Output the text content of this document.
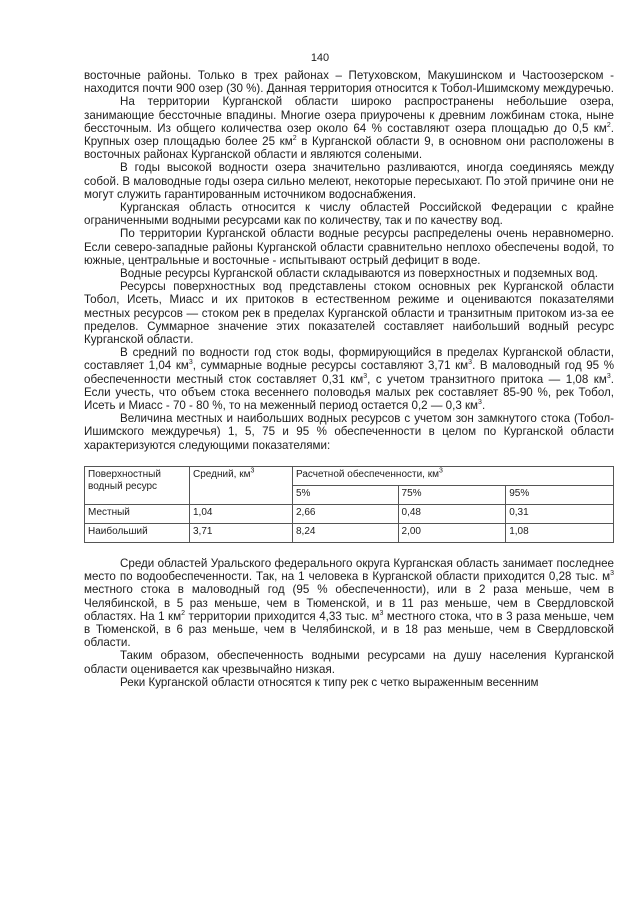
140

восточные районы. Только в трех районах – Петуховском, Макушинском и Частоозерском - находится почти 900 озер (30 %). Данная территория относится к Тобол-Ишимскому междуречью.

На территории Курганской области широко распространены небольшие озера, занимающие бессточные впадины. Многие озера приурочены к древним ложбинам стока, ныне бессточным. Из общего количества озер около 64 % составляют озера площадью до 0,5 $км^2$. Крупных озер площадью более 25 $км^2$ в Курганской области 9, в основном они расположены в восточных районах Курганской области и являются солеными.

В годы высокой водности озера значительно разливаются, иногда соединяясь между собой. В маловодные годы озера сильно мелеют, некоторые пересыхают. По этой причине они не могут служить гарантированным источником водоснабжения.

Курганская область относится к числу областей Российской Федерации с крайне ограниченными водными ресурсами как по количеству, так и по качеству вод.

По территории Курганской области водные ресурсы распределены очень неравномерно. Если северо-западные районы Курганской области сравнительно неплохо обеспечены водой, то южные, центральные и восточные - испытывают острый дефицит в воде.

Водные ресурсы Курганской области складываются из поверхностных и подземных вод.

Ресурсы поверхностных вод представлены стоком основных рек Курганской области Тобол, Исеть, Миасс и их притоков в естественном режиме и оцениваются показателями местных ресурсов — стоком рек в пределах Курганской области и транзитным притоком из-за ее пределов. Суммарное значение этих показателей составляет наибольший водный ресурс Курганской области.

В средний по водности год сток воды, формирующийся в пределах Курганской области, составляет 1,04 $км^3$, суммарные водные ресурсы составляют 3,71 $км^3$. В маловодный год 95 % обеспеченности местный сток составляет 0,31 $км^3$, с учетом транзитного притока — 1,08 $км^3$. Если учесть, что объем стока весеннего половодья малых рек составляет 85-90 %, рек Тобол, Исеть и Миасс - 70 - 80 %, то на меженный период остается 0,2 — 0,3 $км^3$.

Величина местных и наибольших водных ресурсов с учетом зон замкнутого стока (Тобол-Ишимского междуречья) 1, 5, 75 и 95 % обеспеченности в целом по Курганской области характеризуются следующими показателями:

Поверхностный водный ресурс	Средний, $км^3$	Расчетной обеспеченности, $км^3$
		5%	75%	95%
Местный	1,04	2,66	0,48	0,31
Наибольший	3,71	8,24	2,00	1,08

Среди областей Уральского федерального округа Курганская область занимает последнее место по водообеспеченности. Так, на 1 человека в Курганской области приходится 0,28 тыс. $м^3$ местного стока в маловодный год (95 % обеспеченности), или в 2 раза меньше, чем в Челябинской, в 5 раз меньше, чем в Тюменской, и в 11 раз меньше, чем в Свердловской областях. На 1 $км^2$ территории приходится 4,33 тыс. $м^3$ местного стока, что в 3 раза меньше, чем в Тюменской, в 6 раз меньше, чем в Челябинской, и в 18 раз меньше, чем в Свердловской области.

Таким образом, обеспеченность водными ресурсами на душу населения Курганской области оценивается как чрезвычайно низкая.

Реки Курганской области относятся к типу рек с четко выраженным весенним
